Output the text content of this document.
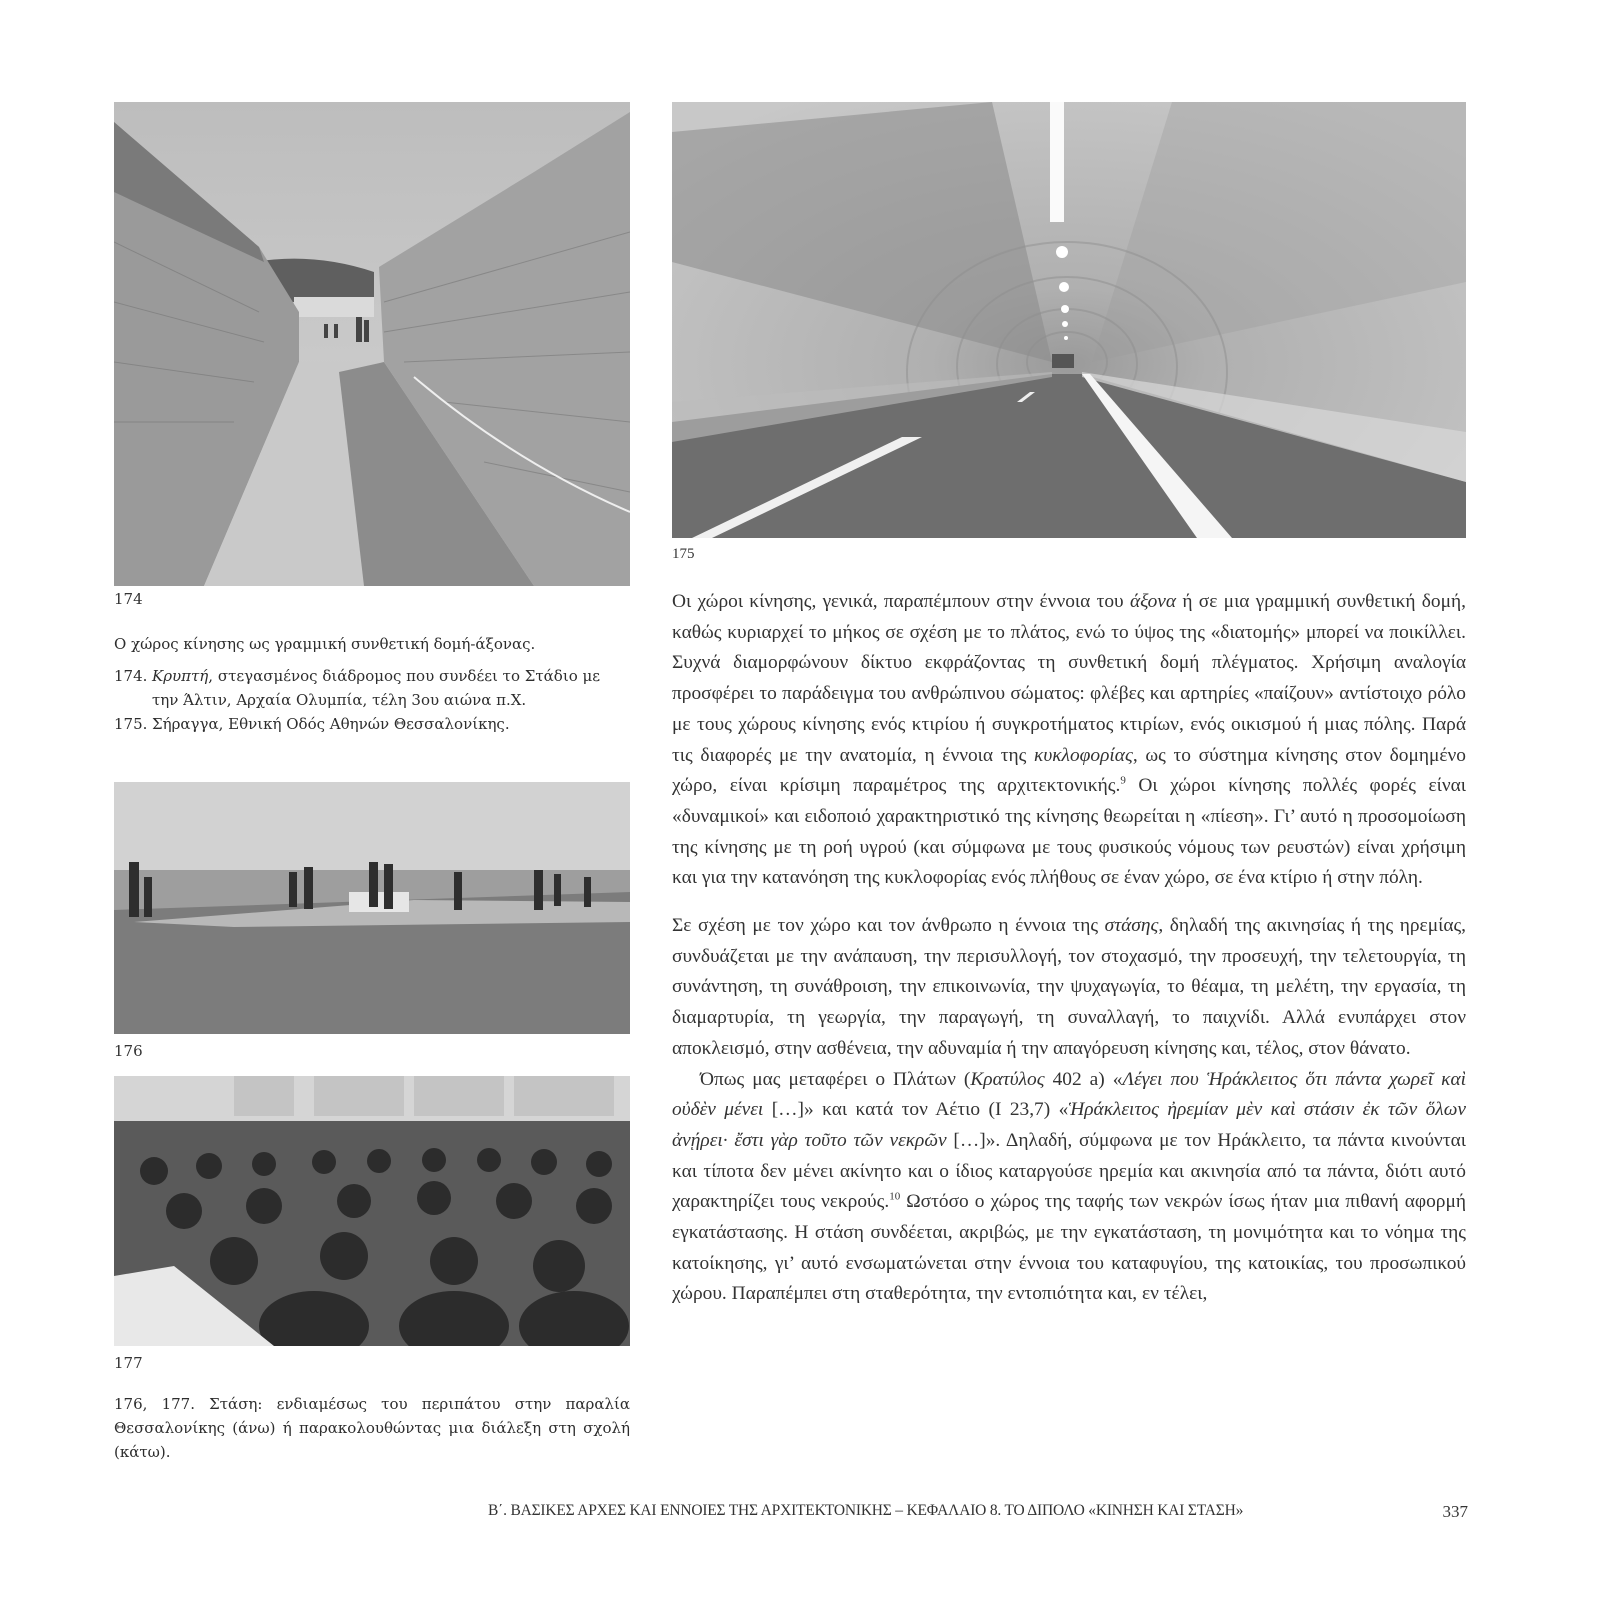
174
175

Ο χώρος κίνησης ως γραμμική συνθετική δομή-άξονας.

174. Κρυπτή, στεγασμένος διάδρομος που συνδέει το Στάδιο με την Άλτιν, Αρχαία Ολυμπία, τέλη 3ου αιώνα π.Χ.
175. Σήραγγα, Εθνική Οδός Αθηνών Θεσσαλονίκης.
176
177

176, 177. Στάση: ενδιαμέσως του περιπάτου στην παραλία Θεσσαλονίκης (άνω) ή παρακολουθώντας μια διάλεξη στη σχολή (κάτω).

Οι χώροι κίνησης, γενικά, παραπέμπουν στην έννοια του άξονα ή σε μια γραμμική συνθετική δομή, καθώς κυριαρχεί το μήκος σε σχέση με το πλάτος, ενώ το ύψος της «διατομής» μπορεί να ποικίλλει. Συχνά διαμορφώνουν δίκτυο εκφράζοντας τη συνθετική δομή πλέγματος. Χρήσιμη αναλογία προσφέρει το παράδειγμα του ανθρώπινου σώματος: φλέβες και αρτηρίες «παίζουν» αντίστοιχο ρόλο με τους χώρους κίνησης ενός κτιρίου ή συγκροτήματος κτιρίων, ενός οικισμού ή μιας πόλης. Παρά τις διαφορές με την ανατομία, η έννοια της κυκλοφορίας, ως το σύστημα κίνησης στον δομημένο χώρο, είναι κρίσιμη παραμέτρος της αρχιτεκτονικής.$^9$ Οι χώροι κίνησης πολλές φορές είναι «δυναμικοί» και ειδοποιό χαρακτηριστικό της κίνησης θεωρείται η «πίεση». Γι’ αυτό η προσομοίωση της κίνησης με τη ροή υγρού (και σύμφωνα με τους φυσικούς νόμους των ρευστών) είναι χρήσιμη και για την κατανόηση της κυκλοφορίας ενός πλήθους σε έναν χώρο, σε ένα κτίριο ή στην πόλη.

Σε σχέση με τον χώρο και τον άνθρωπο η έννοια της στάσης, δηλαδή της ακινησίας ή της ηρεμίας, συνδυάζεται με την ανάπαυση, την περισυλλογή, τον στοχασμό, την προσευχή, την τελετουργία, τη συνάντηση, τη συνάθροιση, την επικοινωνία, την ψυχαγωγία, το θέαμα, τη μελέτη, την εργασία, τη διαμαρτυρία, τη γεωργία, την παραγωγή, τη συναλλαγή, το παιχνίδι. Αλλά ενυπάρχει στον αποκλεισμό, στην ασθένεια, την αδυναμία ή την απαγόρευση κίνησης και, τέλος, στον θάνατο.

Όπως μας μεταφέρει ο Πλάτων (Κρατύλος 402 a) «Λέγει που Ἡράκλειτος ὅτι πάντα χωρεῖ καὶ οὐδὲν μένει […]» και κατά τον Αέτιο (I 23,7) «Ἡράκλειτος ἠρεμίαν μὲν καὶ στάσιν ἐκ τῶν ὅλων ἀνῄρει· ἔστι γὰρ τοῦτο τῶν νεκρῶν […]». Δηλαδή, σύμφωνα με τον Ηράκλειτο, τα πάντα κινούνται και τίποτα δεν μένει ακίνητο και ο ίδιος καταργούσε ηρεμία και ακινησία από τα πάντα, διότι αυτό χαρακτηρίζει τους νεκρούς.$^{10}$ Ωστόσο ο χώρος της ταφής των νεκρών ίσως ήταν μια πιθανή αφορμή εγκατάστασης. Η στάση συνδέεται, ακριβώς, με την εγκατάσταση, τη μονιμότητα και το νόημα της κατοίκησης, γι’ αυτό ενσωματώνεται στην έννοια του καταφυγίου, της κατοικίας, του προσωπικού χώρου. Παραπέμπει στη σταθερότητα, την εντοπιότητα και, εν τέλει,

Β΄. ΒΑΣΙΚΕΣ ΑΡΧΕΣ ΚΑΙ ΕΝΝΟΙΕΣ ΤΗΣ ΑΡΧΙΤΕΚΤΟΝΙΚΗΣ – ΚΕΦΑΛΑΙΟ 8. ΤΟ ΔΙΠΟΛΟ «ΚΙΝΗΣΗ ΚΑΙ ΣΤΑΣΗ»	337
